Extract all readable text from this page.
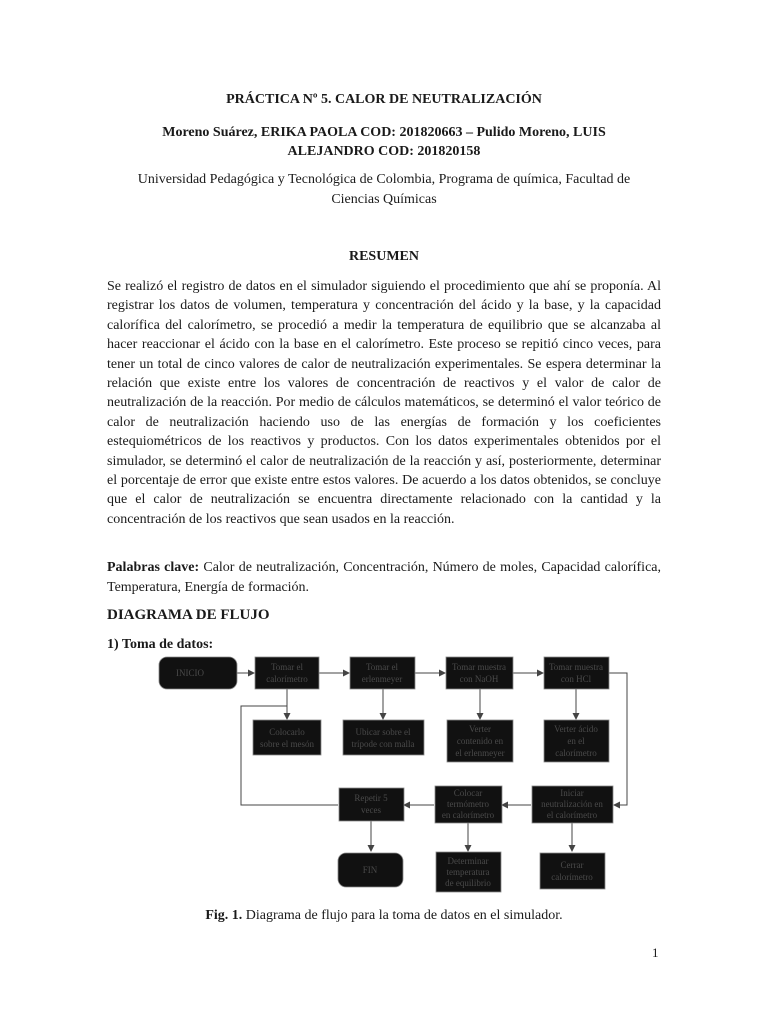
PRÁCTICA Nº 5. CALOR DE NEUTRALIZACIÓN
Moreno Suárez, ERIKA PAOLA COD: 201820663 – Pulido Moreno, LUIS
ALEJANDRO COD: 201820158
Universidad Pedagógica y Tecnológica de Colombia, Programa de química, Facultad de
Ciencias Químicas
RESUMEN
Se realizó el registro de datos en el simulador siguiendo el procedimiento que ahí se proponía. Al registrar los datos de volumen, temperatura y concentración del ácido y la base, y la capacidad calorífica del calorímetro, se procedió a medir la temperatura de equilibrio que se alcanzaba al hacer reaccionar el ácido con la base en el calorímetro. Este proceso se repitió cinco veces, para tener un total de cinco valores de calor de neutralización experimentales. Se espera determinar la relación que existe entre los valores de concentración de reactivos y el valor de calor de neutralización de la reacción. Por medio de cálculos matemáticos, se determinó el valor teórico de calor de neutralización haciendo uso de las energías de formación y los coeficientes estequiométricos de los reactivos y productos. Con los datos experimentales obtenidos por el simulador, se determinó el calor de neutralización de la reacción y así, posteriormente, determinar el porcentaje de error que existe entre estos valores. De acuerdo a los datos obtenidos, se concluye que el calor de neutralización se encuentra directamente relacionado con la cantidad y la concentración de los reactivos que sean usados en la reacción.
Palabras clave: Calor de neutralización, Concentración, Número de moles, Capacidad calorífica, Temperatura, Energía de formación.
DIAGRAMA DE FLUJO
1) Toma de datos:
INICIO
Tomar el
calorímetro
Tomar el
erlenmeyer
Tomar muestra
con NaOH
Tomar muestra
con HCl
Colocarlo
sobre el mesón
Ubicar sobre el
trípode con malla
Verter
contenido en
el erlenmeyer
Verter ácido
en el
calorímetro
Repetir 5
veces
Colocar
termómetro
en calorímetro
Iniciar
neutralización en
el calorímetro
FIN
Determinar
temperatura
de equilibrio
Cerrar
calorímetro
Fig. 1. Diagrama de flujo para la toma de datos en el simulador.
1
